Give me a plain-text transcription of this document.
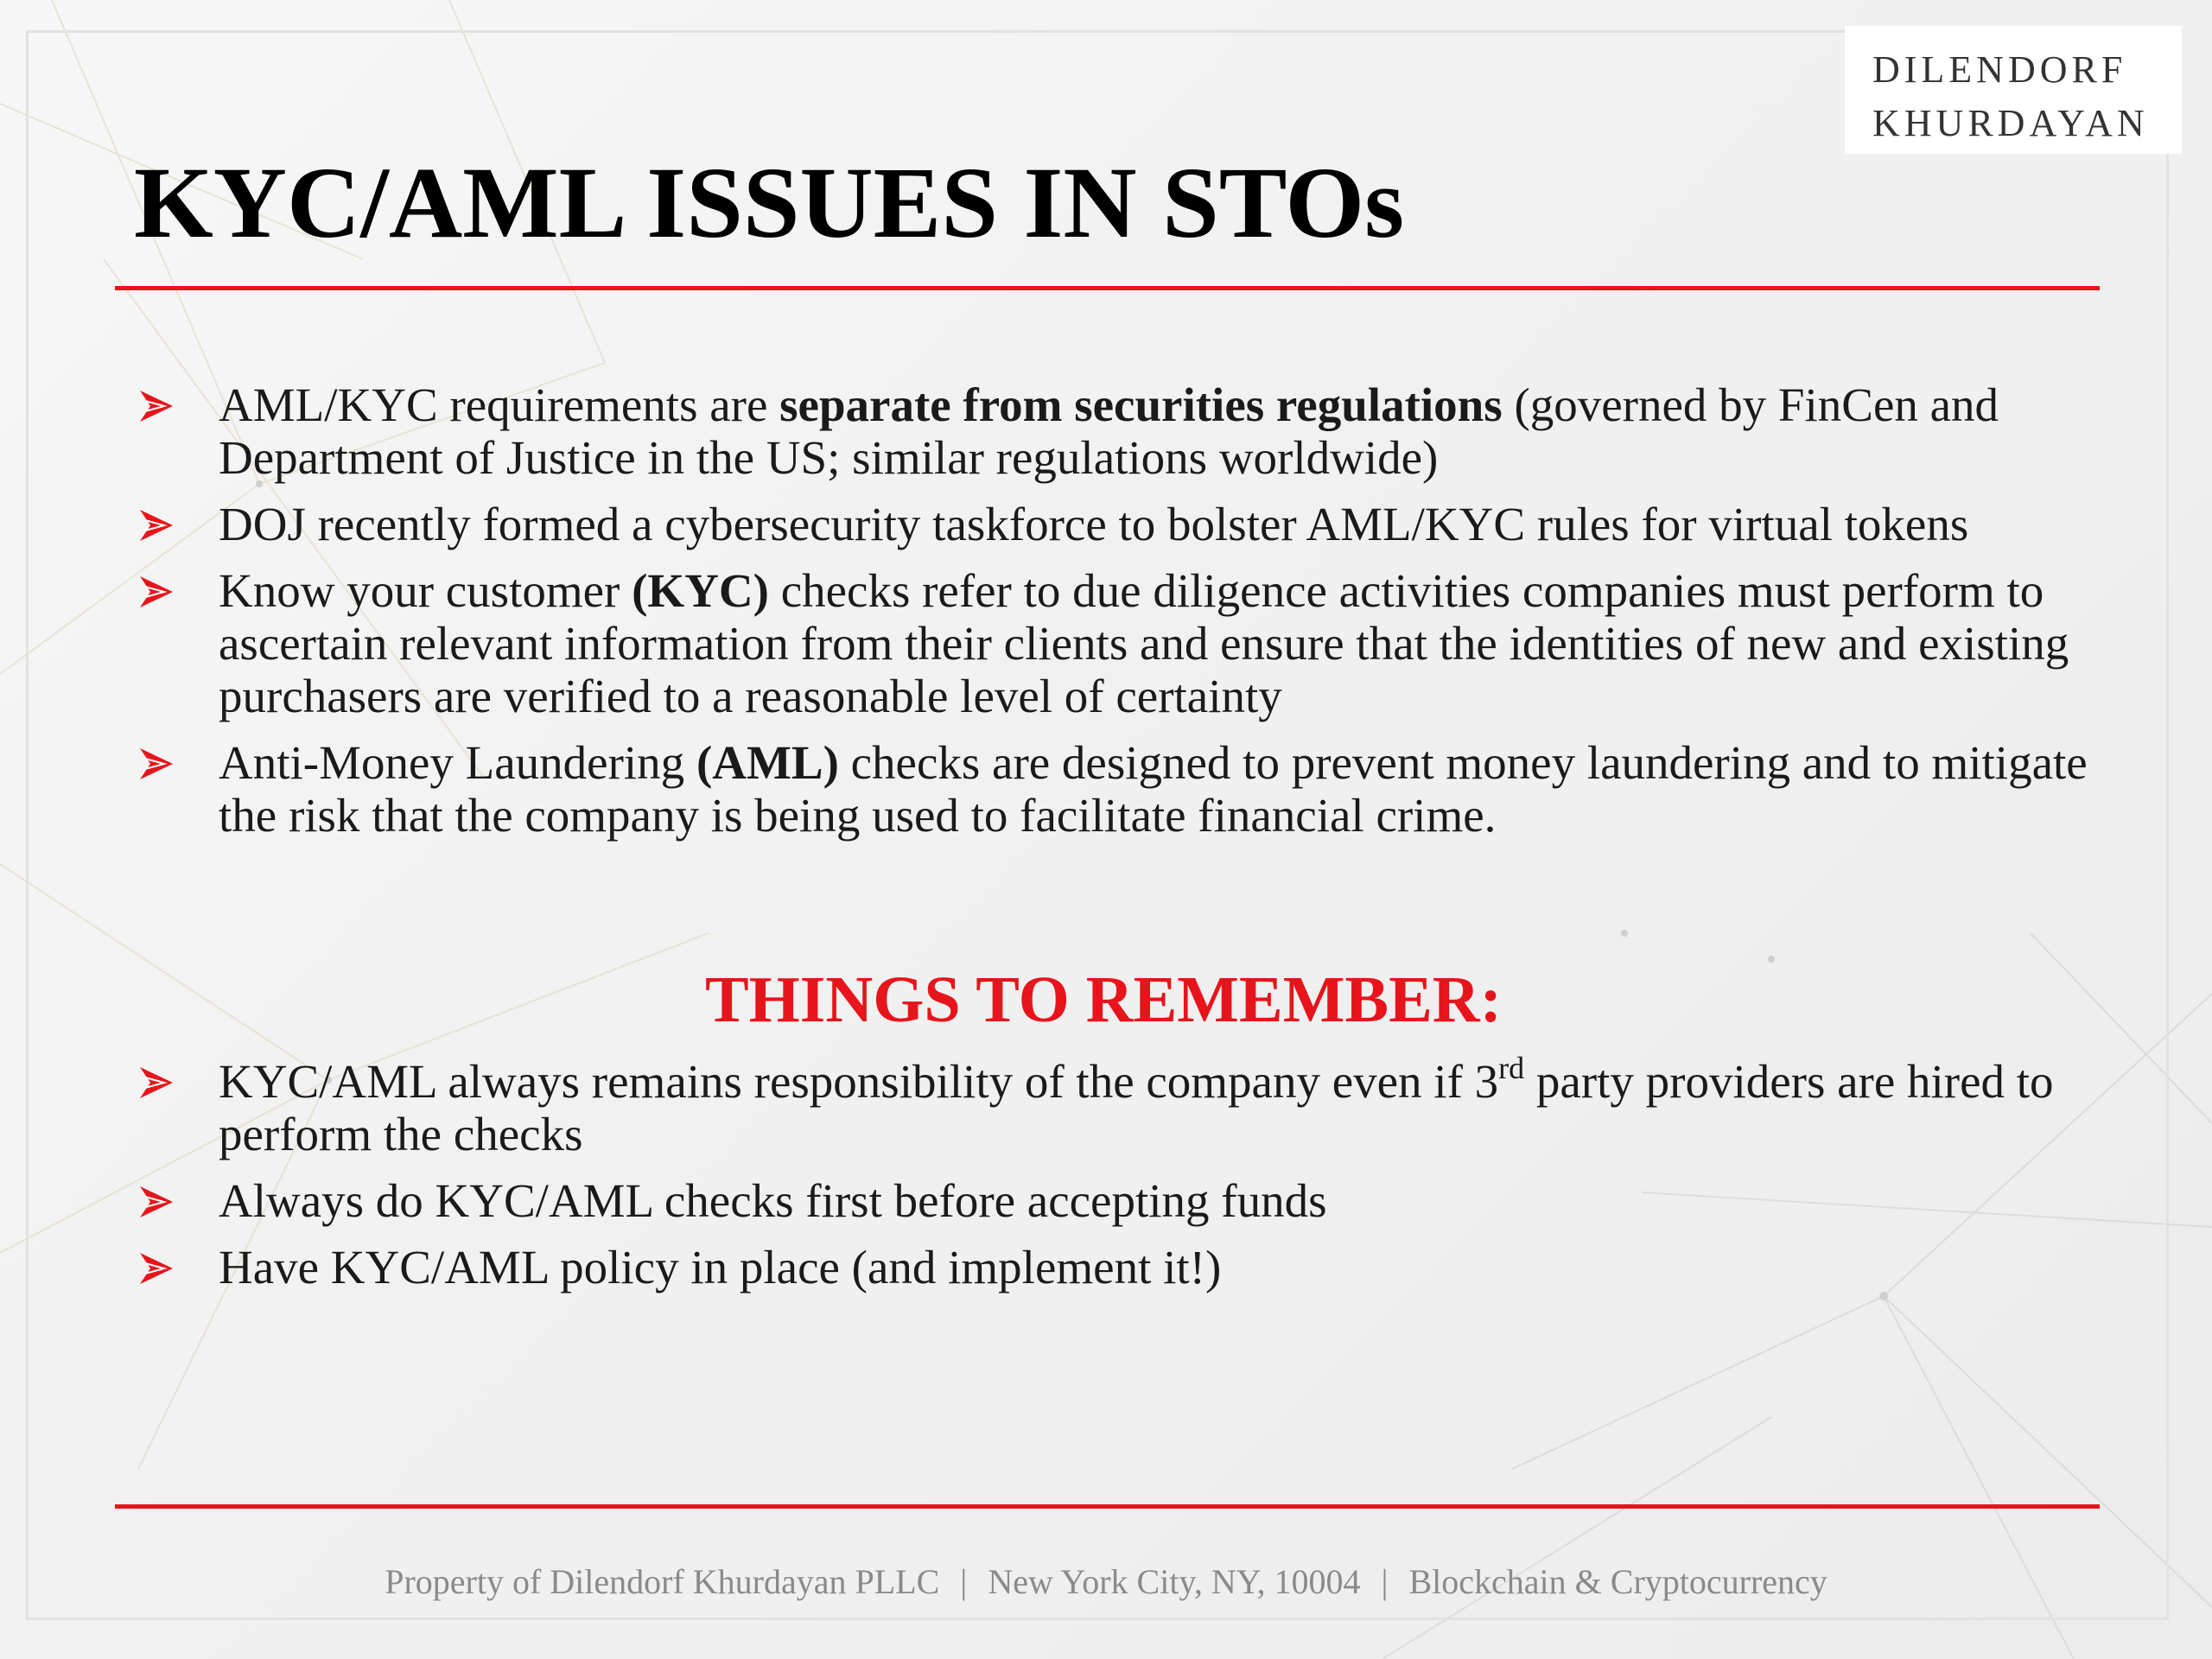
DILENDORF
KHURDAYAN
KYC/AML ISSUES IN STOs
AML/KYC requirements are separate from securities regulations (governed by FinCen and Department of Justice in the US; similar regulations worldwide)
DOJ recently formed a cybersecurity taskforce to bolster AML/KYC rules for virtual tokens
Know your customer (KYC) checks refer to due diligence activities companies must perform to ascertain relevant information from their clients and ensure that the identities of new and existing purchasers are verified to a reasonable level of certainty
Anti-Money Laundering (AML) checks are designed to prevent money laundering and to mitigate the risk that the company is being used to facilitate financial crime.
THINGS TO REMEMBER:
KYC/AML always remains responsibility of the company even if 3rd party providers are hired to perform the checks
Always do KYC/AML checks first before accepting funds
Have KYC/AML policy in place (and implement it!)
Property of Dilendorf Khurdayan PLLC | New York City, NY, 10004 | Blockchain & Cryptocurrency
